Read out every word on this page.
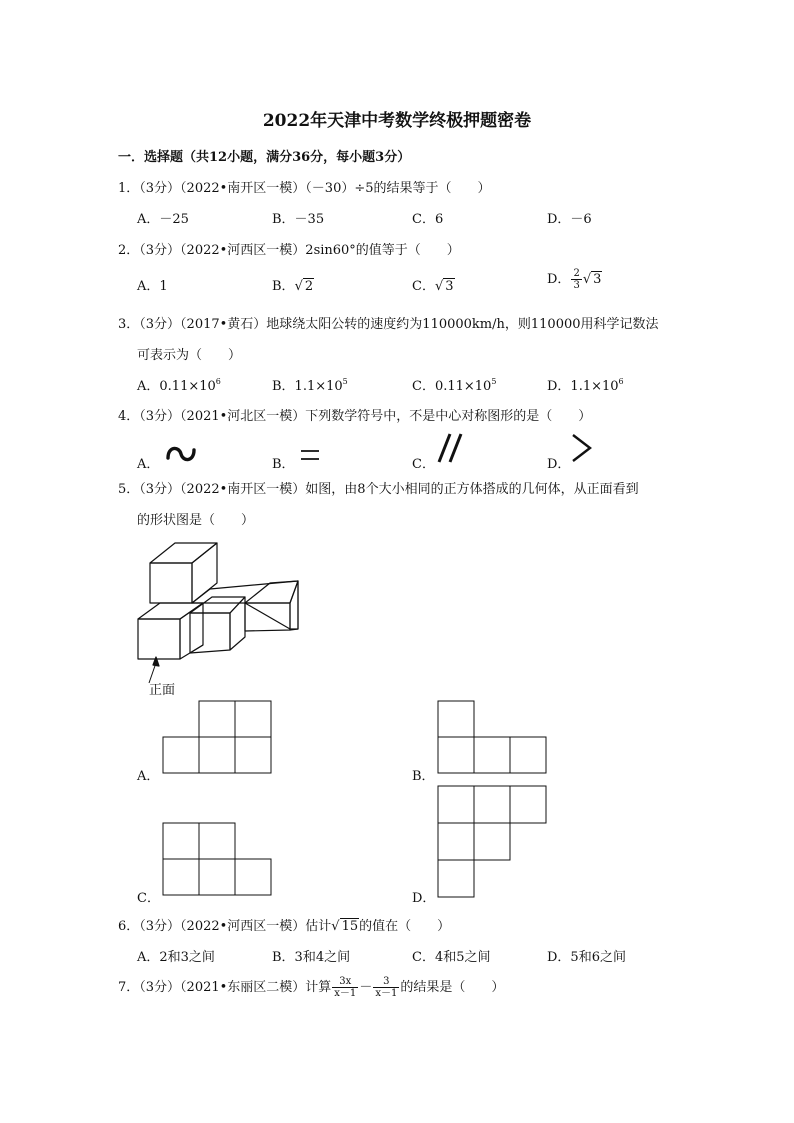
2022年天津中考数学终极押题密卷
一．选择题（共12小题，满分36分，每小题3分）
1．（3分）（2022•南开区一模）（－30）÷5的结果等于（　　）
A．－25	B．－35	C．6	D．－6
2．（3分）（2022•河西区一模）2sin60°的值等于（　　）
A．1	B．√ 2	C．√ 3	D． $\frac{2}{3}$ √ 3
3．（3分）（2017•黄石）地球绕太阳公转的速度约为110000km/h，则110000用科学记数法
可表示为（　　）
A．$0.11\times 10^6$	B．$1.1\times 10^5$	C．$0.11\times 10^5$	D．$1.1\times 10^6$
4．（3分）（2021•河北区一模）下列数学符号中，不是中心对称图形的是（　　）
A．	B．	C．	D．
5．（3分）（2022•南开区一模）如图，由8个大小相同的正方体搭成的几何体，从正面看到
的形状图是（　　）
正面
A．	B．
C．	D．
6．（3分）（2022•河西区一模）估计√ 15的值在（　　）
A．2和3之间	B．3和4之间	C．4和5之间	D．5和6之间
7．（3分）（2021•东丽区二模）计算 $\frac{3x}{x-1} - \frac{3}{x-1}$ 的结果是（　　）
